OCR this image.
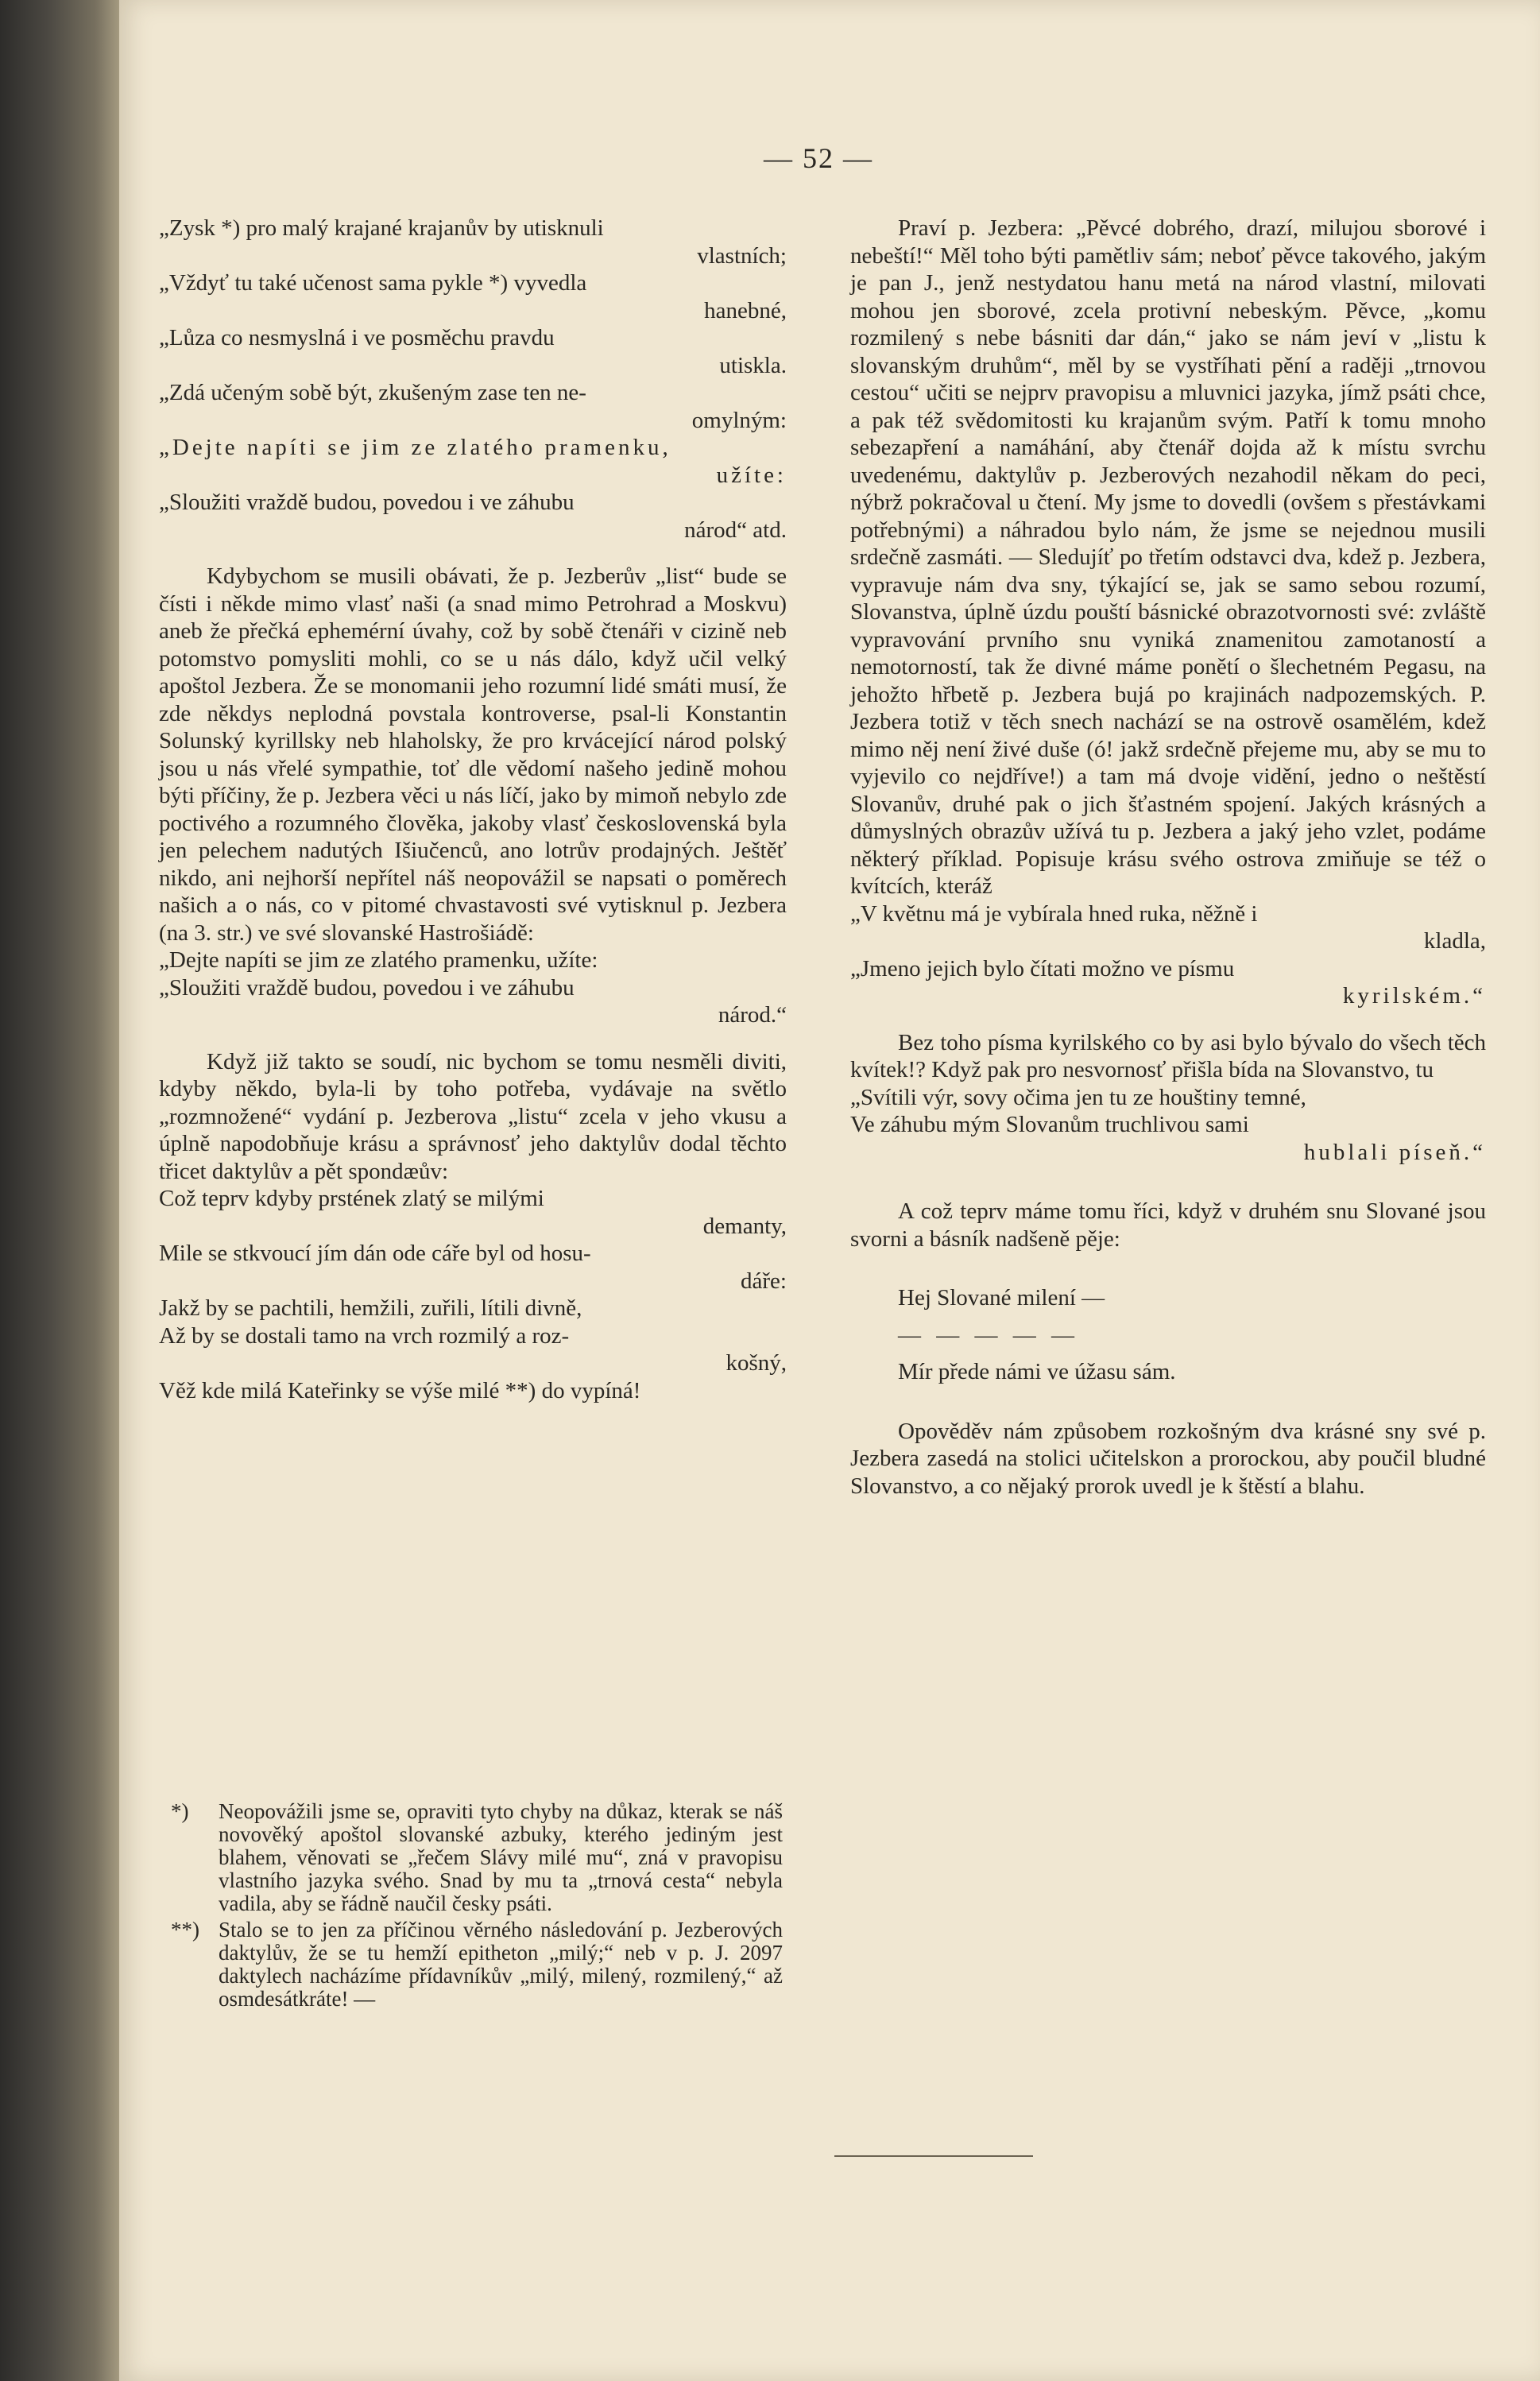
— 52 —
„Zysk *) pro malý krajané krajanův by utisknuli
vlastních;
„Vždyť tu také učenost sama pykle *) vyvedla
hanebné,
„Lůza co nesmyslná i ve posměchu pravdu
utiskla.
„Zdá učeným sobě být, zkušeným zase ten ne-
omylným:
„Dejte napíti se jim ze zlatého pramenku,
užíte:
„Sloužiti vraždě budou, povedou i ve záhubu
národ“ atd.

Kdybychom se musili obávati, že p. Jezberův „list“ bude se čísti i někde mimo vlasť naši (a snad mimo Petrohrad a Moskvu) aneb že přečká ephemérní úvahy, což by sobě čtenáři v cizině neb potomstvo pomysliti mohli, co se u nás dálo, když učil velký apoštol Jezbera. Že se monomanii jeho rozumní lidé smáti musí, že zde někdys neplodná povstala kontroverse, psal-li Konstantin Solunský kyrillsky neb hlaholsky, že pro krvácející národ polský jsou u nás vřelé sympathie, toť dle vědomí našeho jedině mohou býti příčiny, že p. Jezbera věci u nás líčí, jako by mimoň nebylo zde poctivého a rozumného člověka, jakoby vlasť československá byla jen pelechem nadutých Išiučenců, ano lotrův prodajných. Ještěť nikdo, ani nejhorší nepřítel náš neopovážil se napsati o poměrech našich a o nás, co v pitomé chvastavosti své vytisknul p. Jezbera (na 3. str.) ve své slovanské Hastrošiádě:

„Dejte napíti se jim ze zlatého pramenku, užíte:
„Sloužiti vraždě budou, povedou i ve záhubu
národ.“

Když již takto se soudí, nic bychom se tomu nesměli diviti, kdyby někdo, byla-li by toho potřeba, vydávaje na světlo „rozmnožené“ vydání p. Jezberova „listu“ zcela v jeho vkusu a úplně napodobňuje krásu a správnosť jeho daktylův dodal těchto třicet daktylův a pět spondæův:

Což teprv kdyby prstének zlatý se milými
demanty,
Mile se stkvoucí jím dán ode cáře byl od hosu-
dáře:
Jakž by se pachtili, hemžili, zuřili, lítili divně,
Až by se dostali tamo na vrch rozmilý a roz-
košný,
Věž kde milá Kateřinky se výše milé **) do vypíná!

*) Neopovážili jsme se, opraviti tyto chyby na důkaz, kterak se náš novověký apoštol slovanské azbuky, kterého jediným jest blahem, věnovati se „řečem Slávy milé mu“, zná v pravopisu vlastního jazyka svého. Snad by mu ta „trnová cesta“ nebyla vadila, aby se řádně naučil česky psáti.

**) Stalo se to jen za příčinou věrného následování p. Jezberových daktylův, že se tu hemží epitheton „milý;“ neb v p. J. 2097 daktylech nacházíme přídavníkův „milý, milený, rozmilený,“ až osmdesátkráte! —

Praví p. Jezbera: „Pěvcé dobrého, drazí, milujou sborové i nebeští!“ Měl toho býti pamětliv sám; neboť pěvce takového, jakým je pan J., jenž nestydatou hanu metá na národ vlastní, milovati mohou jen sborové, zcela protivní nebeským. Pěvce, „komu rozmilený s nebe básniti dar dán,“ jako se nám jeví v „listu k slovanským druhům“, měl by se vystříhati pění a raději „trnovou cestou“ učiti se nejprv pravopisu a mluvnici jazyka, jímž psáti chce, a pak též svědomitosti ku krajanům svým. Patří k tomu mnoho sebezapření a namáhání, aby čtenář dojda až k místu svrchu uvedenému, daktylův p. Jezberových nezahodil někam do peci, nýbrž pokračoval u čtení. My jsme to dovedli (ovšem s přestávkami potřebnými) a náhradou bylo nám, že jsme se nejednou musili srdečně zasmáti. — Sledujíť po třetím odstavci dva, kdež p. Jezbera, vypravuje nám dva sny, týkající se, jak se samo sebou rozumí, Slovanstva, úplně úzdu pouští básnické obrazotvornosti své: zvláště vypravování prvního snu vyniká znamenitou zamotaností a nemotorností, tak že divné máme ponětí o šlechetném Pegasu, na jehožto hřbetě p. Jezbera bujá po krajinách nadpozemských. P. Jezbera totiž v těch snech nachází se na ostrově osamělém, kdež mimo něj není živé duše (ó! jakž srdečně přejeme mu, aby se mu to vyjevilo co nejdříve!) a tam má dvoje vidění, jedno o neštěstí Slovanův, druhé pak o jich šťastném spojení. Jakých krásných a důmyslných obrazův užívá tu p. Jezbera a jaký jeho vzlet, podáme některý příklad. Popisuje krásu svého ostrova zmiňuje se též o kvítcích, kteráž

„V květnu má je vybírala hned ruka, něžně i
kladla,
„Jmeno jejich bylo čítati možno ve písmu
kyrilském.“

Bez toho písma kyrilského co by asi bylo bývalo do všech těch kvítek!? Když pak pro nesvornosť přišla bída na Slovanstvo, tu

„Svítili výr, sovy očima jen tu ze houštiny temné,
Ve záhubu mým Slovanům truchlivou sami
hublali píseň.“

A což teprv máme tomu říci, když v druhém snu Slované jsou svorni a básník nadšeně pěje:

Hej Slované milení —

— — — — —

Mír přede námi ve úžasu sám.

Opověděv nám způsobem rozkošným dva krásné sny své p. Jezbera zasedá na stolici učitelskon a prorockou, aby poučil bludné Slovanstvo, a co nějaký prorok uvedl je k štěstí a blahu.
